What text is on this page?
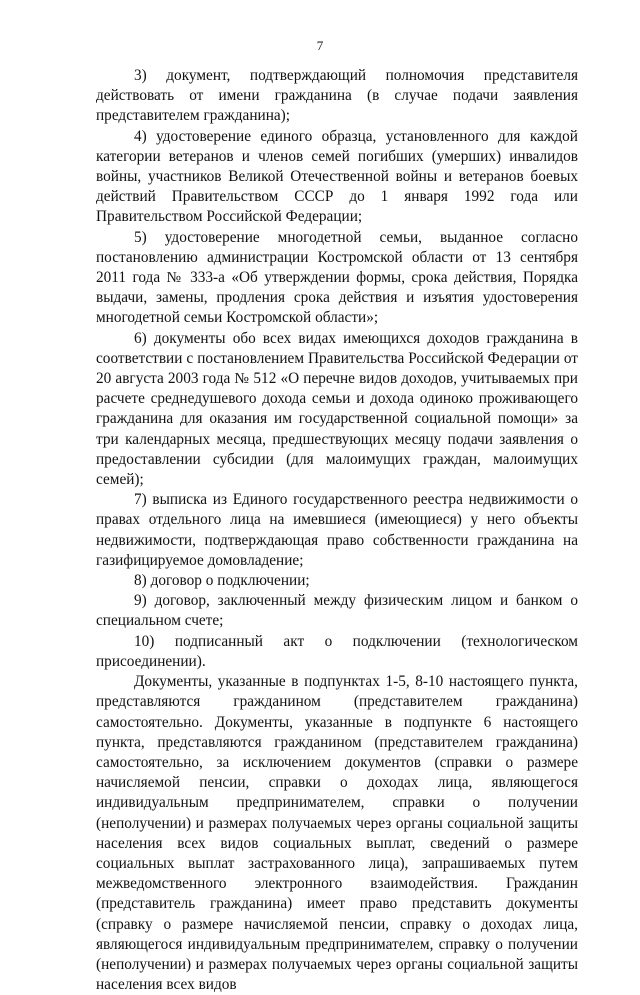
7

3) документ, подтверждающий полномочия представителя действовать от имени гражданина (в случае подачи заявления представителем гражданина);

4) удостоверение единого образца, установленного для каждой категории ветеранов и членов семей погибших (умерших) инвалидов войны, участников Великой Отечественной войны и ветеранов боевых действий Правительством СССР до 1 января 1992 года или Правительством Российской Федерации;

5) удостоверение многодетной семьи, выданное согласно постановлению администрации Костромской области от 13 сентября 2011 года № 333-а «Об утверждении формы, срока действия, Порядка выдачи, замены, продления срока действия и изъятия удостоверения многодетной семьи Костромской области»;

6) документы обо всех видах имеющихся доходов гражданина в соответствии с постановлением Правительства Российской Федерации от 20 августа 2003 года № 512 «О перечне видов доходов, учитываемых при расчете среднедушевого дохода семьи и дохода одиноко проживающего гражданина для оказания им государственной социальной помощи» за три календарных месяца, предшествующих месяцу подачи заявления о предоставлении субсидии (для малоимущих граждан, малоимущих семей);

7) выписка из Единого государственного реестра недвижимости о правах отдельного лица на имевшиеся (имеющиеся) у него объекты недвижимости, подтверждающая право собственности гражданина на газифицируемое домовладение;

8) договор о подключении;

9) договор, заключенный между физическим лицом и банком о специальном счете;

10) подписанный акт о подключении (технологическом присоединении).

Документы, указанные в подпунктах 1-5, 8-10 настоящего пункта, представляются гражданином (представителем гражданина) самостоятельно. Документы, указанные в подпункте 6 настоящего пункта, представляются гражданином (представителем гражданина) самостоятельно, за исключением документов (справки о размере начисляемой пенсии, справки о доходах лица, являющегося индивидуальным предпринимателем, справки о получении (неполучении) и размерах получаемых через органы социальной защиты населения всех видов социальных выплат, сведений о размере социальных выплат застрахованного лица), запрашиваемых путем межведомственного электронного взаимодействия. Гражданин (представитель гражданина) имеет право представить документы (справку о размере начисляемой пенсии, справку о доходах лица, являющегося индивидуальным предпринимателем, справку о получении (неполучении) и размерах получаемых через органы социальной защиты населения всех видов
